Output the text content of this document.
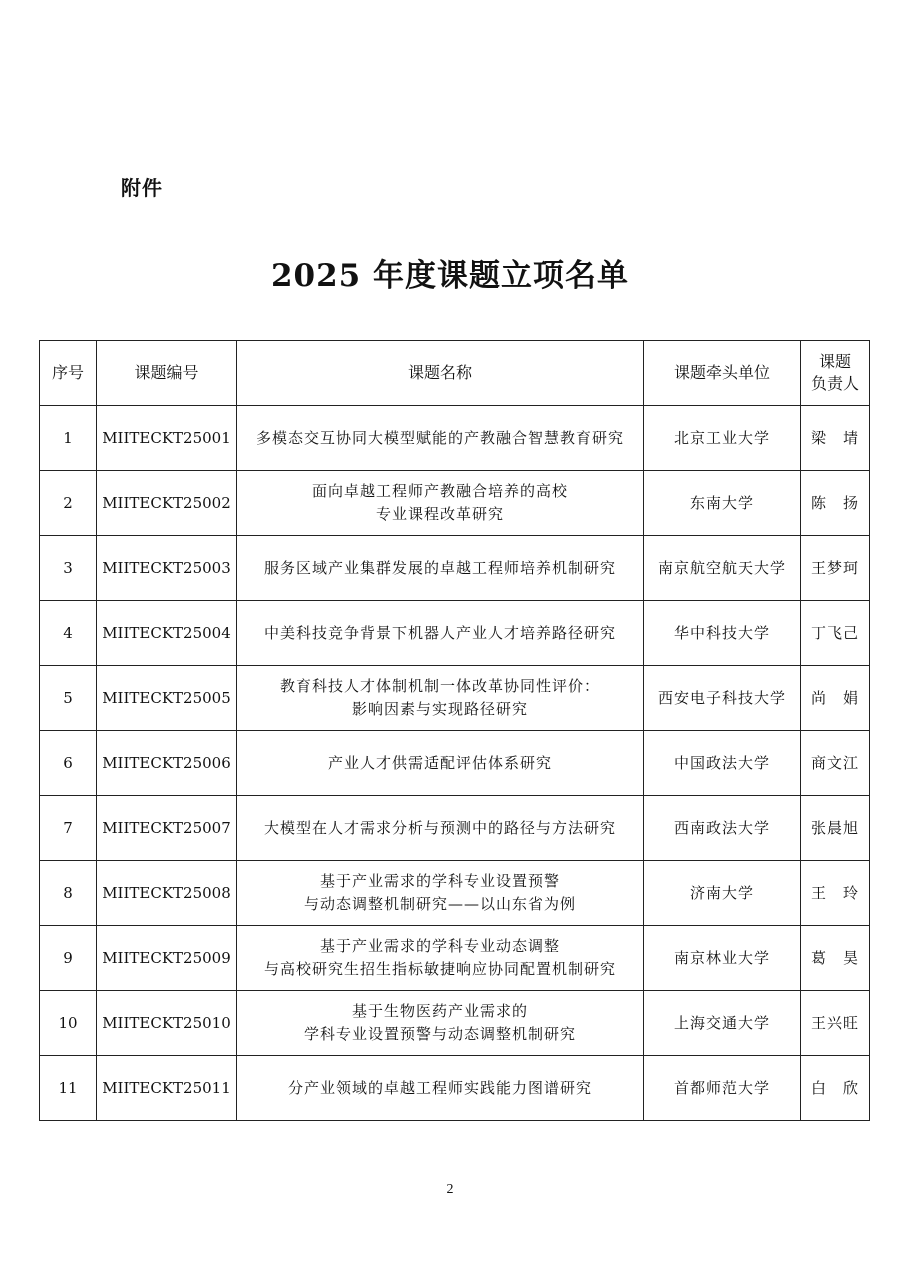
附件
2025 年度课题立项名单
序号	课题编号	课题名称	课题牵头单位	课题
负责人

1	MIITECKT25001	多模态交互协同大模型赋能的产教融合智慧教育研究	北京工业大学	梁　埥
2	MIITECKT25002	面向卓越工程师产教融合培养的高校
专业课程改革研究	东南大学	陈　扬
3	MIITECKT25003	服务区域产业集群发展的卓越工程师培养机制研究	南京航空航天大学	王梦珂
4	MIITECKT25004	中美科技竞争背景下机器人产业人才培养路径研究	华中科技大学	丁飞己
5	MIITECKT25005	教育科技人才体制机制一体改革协同性评价：
影响因素与实现路径研究	西安电子科技大学	尚　娟
6	MIITECKT25006	产业人才供需适配评估体系研究	中国政法大学	商文江
7	MIITECKT25007	大模型在人才需求分析与预测中的路径与方法研究	西南政法大学	张晨旭
8	MIITECKT25008	基于产业需求的学科专业设置预警
与动态调整机制研究——以山东省为例	济南大学	王　玲
9	MIITECKT25009	基于产业需求的学科专业动态调整
与高校研究生招生指标敏捷响应协同配置机制研究	南京林业大学	葛　昊
10	MIITECKT25010	基于生物医药产业需求的
学科专业设置预警与动态调整机制研究	上海交通大学	王兴旺
11	MIITECKT25011	分产业领域的卓越工程师实践能力图谱研究	首都师范大学	白　欣
2
